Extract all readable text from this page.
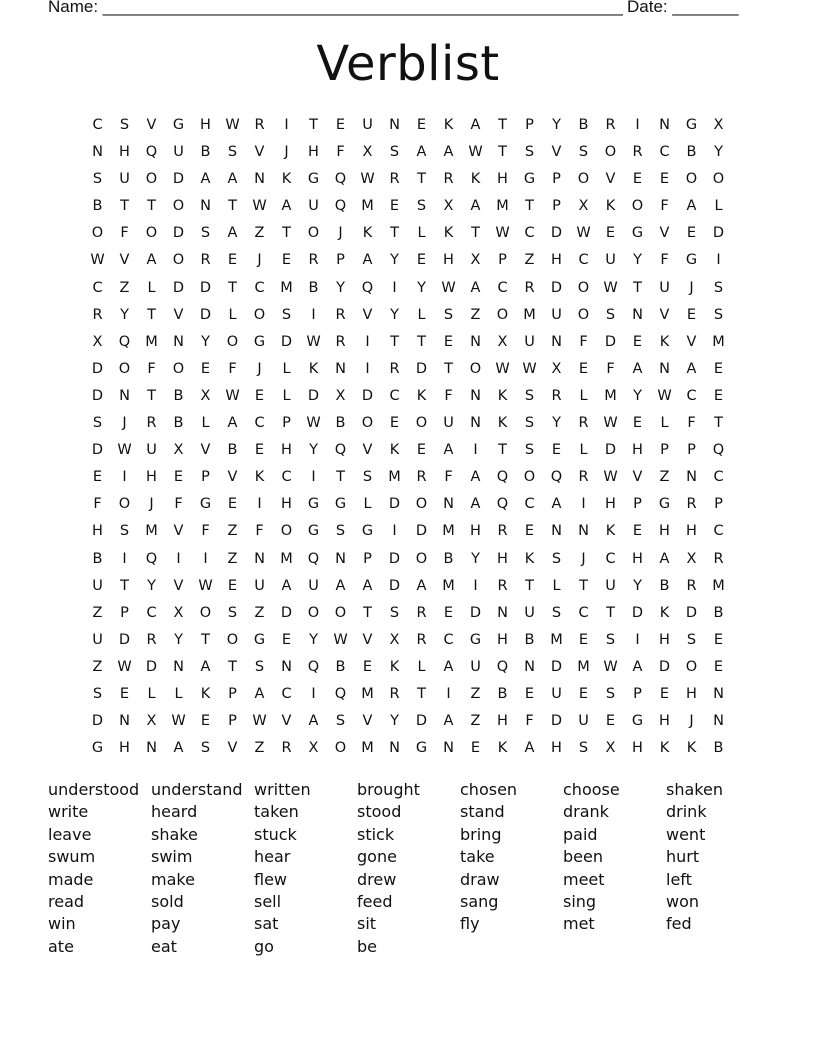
Name: _______________________________________________________ Date: _______
Verblist
C	S	V	G	H W	R	I	T	E	U	N	E	K	A	T	P	Y	B	R	I	N	G	X
N	H	Q	U	B	S	V	J	H	F	X	S	A	A	W	T	S	V	S	O	R	C	B	Y
S	U	O	D	A	A	N	K	G	Q W	R	T	R	K	H	G	P	O	V	E	E	O	O
B	T	T	O	N	T	W	A	U	Q	M	E	S	X	A	M	T	P	X	K	O	F	A	L
O	F	O	D	S	A	Z	T	O	J	K	T	L	K	T	W	C	D W	E	G	V	E	D
W	V	A	O	R	E	J	E	R	P	A	Y	E	H	X	P	Z	H	C	U	Y	F	G	I
C	Z	L	D	D	T	C	M	B	Y	Q	I	Y	W	A	C	R	D	O W	T	U	J	S
R	Y	T	V	D	L	O	S	I	R	V	Y	L	S	Z	O	M	U	O	S	N	V	E	S
X	Q	M	N	Y	O	G	D W	R	I	T	T	E	N	X	U	N	F	D	E	K	V	M
D	O	F	O	E	F	J	L	K	N	I	R	D	T	O W W	X	E	F	A	N	A	E
D	N	T	B	X	W	E	L	D	X	D	C	K	F	N	K	S	R	L	M	Y	W	C	E
S	J	R	B	L	A	C	P	W	B	O	E	O	U	N	K	S	Y	R	W	E	L	F	T
D W	U	X	V	B	E	H	Y	Q	V	K	E	A	I	T	S	E	L	D	H	P	P	Q
E	I	H	E	P	V	K	C	I	T	S	M	R	F	A	Q	O	Q	R	W	V	Z	N	C
F	O	J	F	G	E	I	H	G	G	L	D	O	N	A	Q	C	A	I	H	P	G	R	P
H	S	M	V	F	Z	F	O	G	S	G	I	D	M	H	R	E	N	N	K	E	H	H	C
B	I	Q	I	I	Z	N	M	Q	N	P	D	O	B	Y	H	K	S	J	C	H	A	X	R
U	T	Y	V	W	E	U	A	U	A	A	D	A	M	I	R	T	L	T	U	Y	B	R	M
Z	P	C	X	O	S	Z	D	O	O	T	S	R	E	D	N	U	S	C	T	D	K	D	B
U	D	R	Y	T	O	G	E	Y	W	V	X	R	C	G	H	B	M	E	S	I	H	S	E
Z	W D	N	A	T	S	N	Q	B	E	K	L	A	U	Q	N	D	M W	A	D	O	E
S	E	L	L	K	P	A	C	I	Q	M	R	T	I	Z	B	E	U	E	S	P	E	H	N
D	N	X	W	E	P	W	V	A	S	V	Y	D	A	Z	H	F	D	U	E	G	H	J	N
G	H	N	A	S	V	Z	R	X	O	M	N	G	N	E	K	A	H	S	X	H	K	K	B
understood understand written	brought	chosen	choose	shaken
write	heard	taken	stood	stand	drank	drink
leave	shake	stuck	stick	bring	paid	went
swum	swim	hear	gone	take	been	hurt
made	make	flew	drew	draw	meet	left
read	sold	sell	feed	sang	sing	won
win	pay	sat	sit	fly	met	fed
ate	eat	go	be
